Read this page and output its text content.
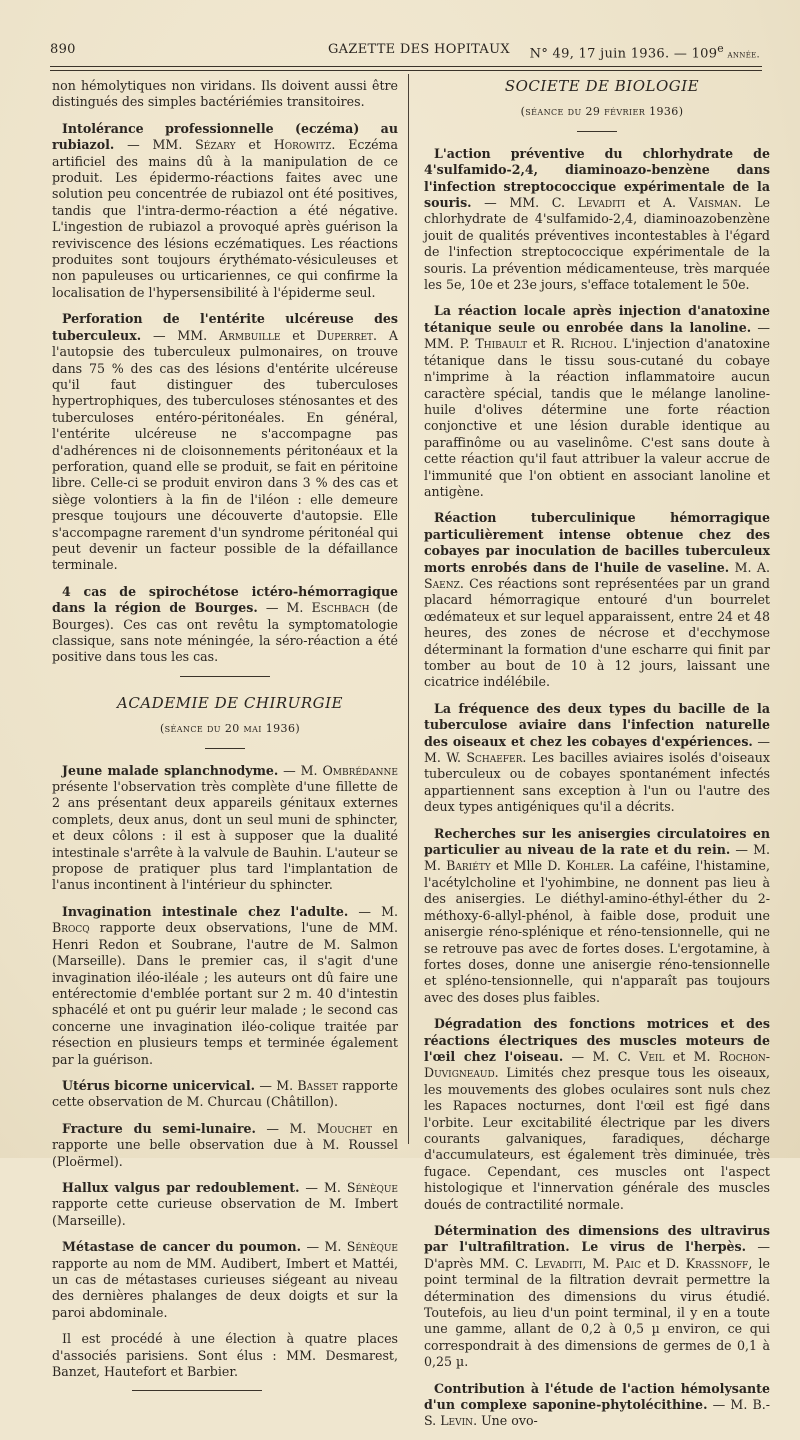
890	GAZETTE DES HOPITAUX N° 49, 17 juin 1936. — 109e année.

non hémolytiques non viridans. Ils doivent aussi être distingués des simples bactériémies transitoires.

Intolérance professionnelle (eczéma) au rubiazol. — MM. Sézary et Horowitz. Eczéma artificiel des mains dû à la manipulation de ce produit. Les épidermo-réactions faites avec une solution peu concentrée de rubiazol ont été positives, tandis que l'intra-dermo-réaction a été négative. L'ingestion de rubiazol a provoqué après guérison la reviviscence des lésions eczématiques. Les réactions produites sont toujours érythémato-vésiculeuses et non papuleuses ou urticariennes, ce qui confirme la localisation de l'hypersensibilité à l'épiderme seul.

Perforation de l'entérite ulcéreuse des tuberculeux. — MM. Armbuille et Duperret. A l'autopsie des tuberculeux pulmonaires, on trouve dans 75 % des cas des lésions d'entérite ulcéreuse qu'il faut distinguer des tuberculoses hypertrophiques, des tuberculoses sténosantes et des tuberculoses entéro-péritonéales. En général, l'entérite ulcéreuse ne s'accompagne pas d'adhérences ni de cloisonnements péritonéaux et la perforation, quand elle se produit, se fait en péritoine libre. Celle-ci se produit environ dans 3 % des cas et siège volontiers à la fin de l'iléon : elle demeure presque toujours une découverte d'autopsie. Elle s'accompagne rarement d'un syndrome péritonéal qui peut devenir un facteur possible de la défaillance terminale.

4 cas de spirochétose ictéro-hémorragique dans la région de Bourges. — M. Eschbach (de Bourges). Ces cas ont revêtu la symptomatologie classique, sans note méningée, la séro-réaction a été positive dans tous les cas.

ACADEMIE DE CHIRURGIE

(séance du 20 mai 1936)

Jeune malade splanchnodyme. — M. Ombrédanne présente l'observation très complète d'une fillette de 2 ans présentant deux appareils génitaux externes complets, deux anus, dont un seul muni de sphincter, et deux côlons : il est à supposer que la dualité intestinale s'arrête à la valvule de Bauhin. L'auteur se propose de pratiquer plus tard l'implantation de l'anus incontinent à l'intérieur du sphincter.

Invagination intestinale chez l'adulte. — M. Brocq rapporte deux observations, l'une de MM. Henri Redon et Soubrane, l'autre de M. Salmon (Marseille). Dans le premier cas, il s'agit d'une invagination iléo-iléale ; les auteurs ont dû faire une entérectomie d'emblée portant sur 2 m. 40 d'intestin sphacélé et ont pu guérir leur malade ; le second cas concerne une invagination iléo-colique traitée par résection en plusieurs temps et terminée également par la guérison.

Utérus bicorne unicervical. — M. Basset rapporte cette observation de M. Churcau (Châtillon).

Fracture du semi-lunaire. — M. Mouchet en rapporte une belle observation due à M. Roussel (Ploërmel).

Hallux valgus par redoublement. — M. Sénèque rapporte cette curieuse observation de M. Imbert (Marseille).

Métastase de cancer du poumon. — M. Sénèque rapporte au nom de MM. Audibert, Imbert et Mattéi, un cas de métastases curieuses siégeant au niveau des dernières phalanges de deux doigts et sur la paroi abdominale.

Il est procédé à une élection à quatre places d'associés parisiens. Sont élus : MM. Desmarest, Banzet, Hautefort et Barbier.

SOCIETE DE BIOLOGIE

(séance du 29 février 1936)

L'action préventive du chlorhydrate de 4'sulfamido-2,4, diaminoazo-benzène dans l'infection streptococcique expérimentale de la souris. — MM. C. Levaditi et A. Vaisman. Le chlorhydrate de 4'sulfamido-2,4, diaminoazobenzène jouit de qualités préventives incontestables à l'égard de l'infection streptococcique expérimentale de la souris. La prévention médicamenteuse, très marquée les 5e, 10e et 23e jours, s'efface totalement le 50e.

La réaction locale après injection d'anatoxine tétanique seule ou enrobée dans la lanoline. — MM. P. Thibault et R. Richou. L'injection d'anatoxine tétanique dans le tissu sous-cutané du cobaye n'imprime à la réaction inflammatoire aucun caractère spécial, tandis que le mélange lanoline-huile d'olives détermine une forte réaction conjonctive et une lésion durable identique au paraffinôme ou au vaselinôme. C'est sans doute à cette réaction qu'il faut attribuer la valeur accrue de l'immunité que l'on obtient en associant lanoline et antigène.

Réaction tuberculinique hémorragique particulièrement intense obtenue chez des cobayes par inoculation de bacilles tuberculeux morts enrobés dans de l'huile de vaseline. M. A. Saenz. Ces réactions sont représentées par un grand placard hémorragique entouré d'un bourrelet œdémateux et sur lequel apparaissent, entre 24 et 48 heures, des zones de nécrose et d'ecchymose déterminant la formation d'une escharre qui finit par tomber au bout de 10 à 12 jours, laissant une cicatrice indélébile.

La fréquence des deux types du bacille de la tuberculose aviaire dans l'infection naturelle des oiseaux et chez les cobayes d'expériences. — M. W. Schaefer. Les bacilles aviaires isolés d'oiseaux tuberculeux ou de cobayes spontanément infectés appartiennent sans exception à l'un ou l'autre des deux types antigéniques qu'il a décrits.

Recherches sur les anisergies circulatoires en particulier au niveau de la rate et du rein. — M. M. Bariéty et Mlle D. Kohler. La caféine, l'histamine, l'acétylcholine et l'yohimbine, ne donnent pas lieu à des anisergies. Le diéthyl-amino-éthyl-éther du 2-méthoxy-6-allyl-phénol, à faible dose, produit une anisergie réno-splénique et réno-tensionnelle, qui ne se retrouve pas avec de fortes doses. L'ergotamine, à fortes doses, donne une anisergie réno-tensionnelle et spléno-tensionnelle, qui n'apparaît pas toujours avec des doses plus faibles.

Dégradation des fonctions motrices et des réactions électriques des muscles moteurs de l'œil chez l'oiseau. — M. C. Veil et M. Rochon-Duvigneaud. Limités chez presque tous les oiseaux, les mouvements des globes oculaires sont nuls chez les Rapaces nocturnes, dont l'œil est figé dans l'orbite. Leur excitabilité électrique par les divers courants galvaniques, faradiques, décharge d'accumulateurs, est également très diminuée, très fugace. Cependant, ces muscles ont l'aspect histologique et l'innervation générale des muscles doués de contractilité normale.

Détermination des dimensions des ultravirus par l'ultrafiltration. Le virus de l'herpès. — D'après MM. C. Levaditi, M. Paic et D. Krassnoff, le point terminal de la filtration devrait permettre la détermination des dimensions du virus étudié. Toutefois, au lieu d'un point terminal, il y en a toute une gamme, allant de 0,2 à 0,5 µ environ, ce qui correspondrait à des dimensions de germes de 0,1 à 0,25 µ.

Contribution à l'étude de l'action hémolysante d'un complexe saponine-phytolécithine. — M. B.-S. Levin. Une ovo-
